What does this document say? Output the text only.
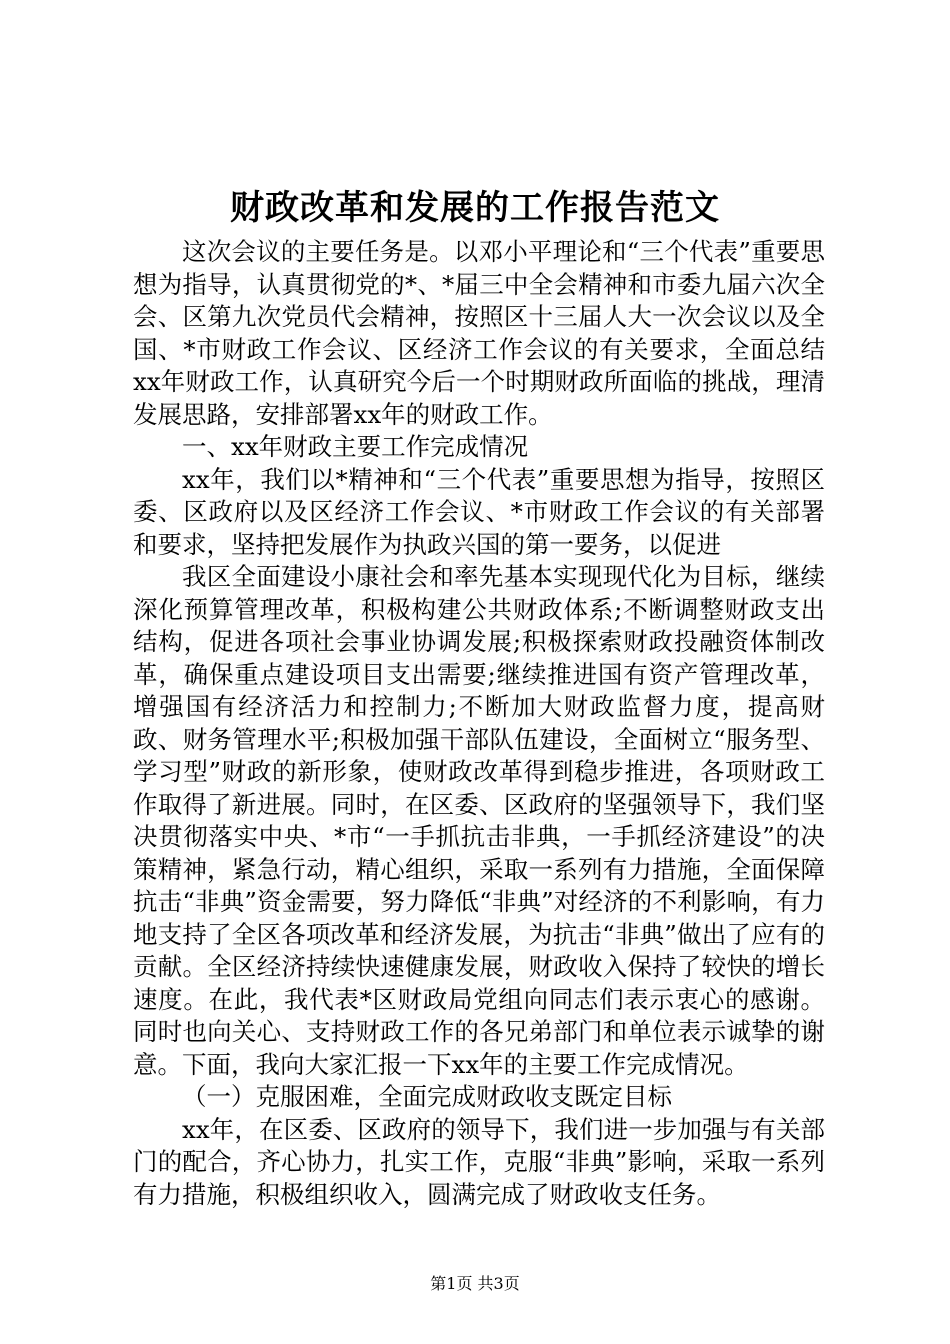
财政改革和发展的工作报告范文

这次会议的主要任务是。以邓小平理论和“三个代表”重要思想为指导，认真贯彻党的*、*届三中全会精神和市委九届六次全会、区第九次党员代会精神，按照区十三届人大一次会议以及全国、*市财政工作会议、区经济工作会议的有关要求，全面总结xx年财政工作，认真研究今后一个时期财政所面临的挑战，理清发展思路，安排部署xx年的财政工作。

一、xx年财政主要工作完成情况

xx年，我们以*精神和“三个代表”重要思想为指导，按照区委、区政府以及区经济工作会议、*市财政工作会议的有关部署和要求，坚持把发展作为执政兴国的第一要务，以促进

我区全面建设小康社会和率先基本实现现代化为目标，继续深化预算管理改革，积极构建公共财政体系;不断调整财政支出结构，促进各项社会事业协调发展;积极探索财政投融资体制改革，确保重点建设项目支出需要;继续推进国有资产管理改革，增强国有经济活力和控制力;不断加大财政监督力度，提高财政、财务管理水平;积极加强干部队伍建设，全面树立“服务型、学习型”财政的新形象，使财政改革得到稳步推进，各项财政工作取得了新进展。同时，在区委、区政府的坚强领导下，我们坚决贯彻落实中央、*市“一手抓抗击非典，一手抓经济建设”的决策精神，紧急行动，精心组织，采取一系列有力措施，全面保障抗击“非典”资金需要，努力降低“非典”对经济的不利影响，有力地支持了全区各项改革和经济发展，为抗击“非典”做出了应有的贡献。全区经济持续快速健康发展，财政收入保持了较快的增长速度。在此，我代表*区财政局党组向同志们表示衷心的感谢。同时也向关心、支持财政工作的各兄弟部门和单位表示诚挚的谢意。下面，我向大家汇报一下xx年的主要工作完成情况。

（一）克服困难，全面完成财政收支既定目标

xx年，在区委、区政府的领导下，我们进一步加强与有关部门的配合，齐心协力，扎实工作，克服“非典”影响，采取一系列有力措施，积极组织收入，圆满完成了财政收支任务。

第1页 共3页
